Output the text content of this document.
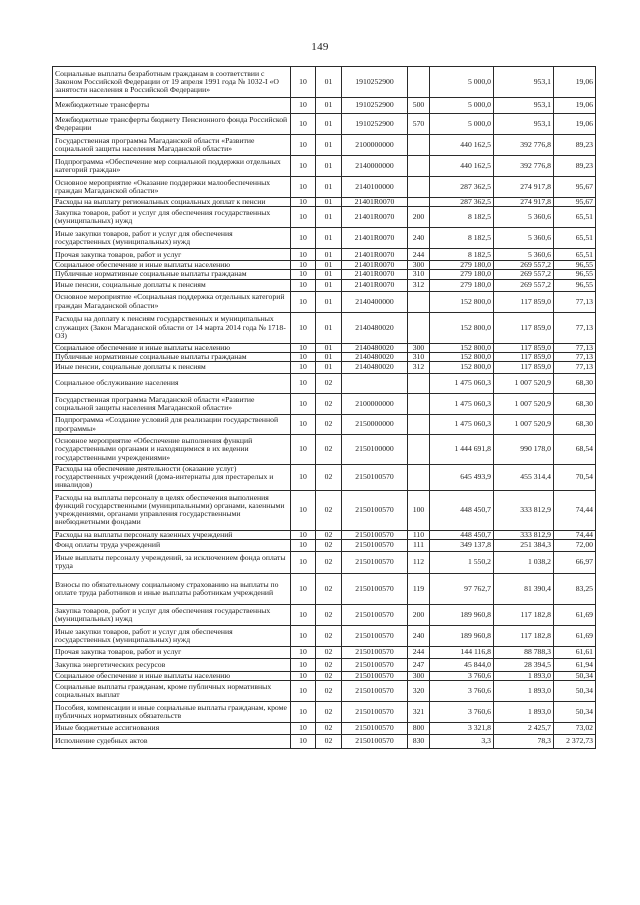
149
Социальные выплаты безработным гражданам в соответствии с Законом Российской Федерации от 19 апреля 1991 года № 1032-I «О занятости населения в Российской Федерации»	10	01	1910252900		5 000,0	953,1	19,06
Межбюджетные трансферты	10	01	1910252900	500	5 000,0	953,1	19,06
Межбюджетные трансферты бюджету Пенсионного фонда Российской Федерации	10	01	1910252900	570	5 000,0	953,1	19,06
Государственная программа Магаданской области «Развитие социальной защиты населения Магаданской области»	10	01	2100000000		440 162,5	392 776,8	89,23
Подпрограмма «Обеспечение мер социальной поддержки отдельных категорий граждан»	10	01	2140000000		440 162,5	392 776,8	89,23
Основное мероприятие «Оказание поддержки малообеспеченных граждан Магаданской области»	10	01	2140100000		287 362,5	274 917,8	95,67
Расходы на выплату региональных социальных доплат к пенсии	10	01	21401R0070		287 362,5	274 917,8	95,67
Закупка товаров, работ и услуг для обеспечения государственных (муниципальных) нужд	10	01	21401R0070	200	8 182,5	5 360,6	65,51
Иные закупки товаров, работ и услуг для обеспечения государственных (муниципальных) нужд	10	01	21401R0070	240	8 182,5	5 360,6	65,51
Прочая закупка товаров, работ и услуг	10	01	21401R0070	244	8 182,5	5 360,6	65,51
Социальное обеспечение и иные выплаты населению	10	01	21401R0070	300	279 180,0	269 557,2	96,55
Публичные нормативные социальные выплаты гражданам	10	01	21401R0070	310	279 180,0	269 557,2	96,55
Иные пенсии, социальные доплаты к пенсиям	10	01	21401R0070	312	279 180,0	269 557,2	96,55
Основное мероприятие «Социальная поддержка отдельных категорий граждан Магаданской области»	10	01	2140400000		152 800,0	117 859,0	77,13
Расходы на доплату к пенсиям государственных и муниципальных служащих (Закон Магаданской области от 14 марта 2014 года № 1718-ОЗ)	10	01	2140480020		152 800,0	117 859,0	77,13
Социальное обеспечение и иные выплаты населению	10	01	2140480020	300	152 800,0	117 859,0	77,13
Публичные нормативные социальные выплаты гражданам	10	01	2140480020	310	152 800,0	117 859,0	77,13
Иные пенсии, социальные доплаты к пенсиям	10	01	2140480020	312	152 800,0	117 859,0	77,13
Социальное обслуживание населения	10	02			1 475 060,3	1 007 520,9	68,30
Государственная программа Магаданской области «Развитие социальной защиты населения Магаданской области»	10	02	2100000000		1 475 060,3	1 007 520,9	68,30
Подпрограмма «Создание условий для реализации государственной программы»	10	02	2150000000		1 475 060,3	1 007 520,9	68,30
Основное мероприятие «Обеспечение выполнения функций государственными органами и находящимися в их ведении государственными учреждениями»	10	02	2150100000		1 444 691,8	990 178,0	68,54
Расходы на обеспечение деятельности (оказание услуг) государственных учреждений (дома-интернаты для престарелых и инвалидов)	10	02	2150100570		645 493,9	455 314,4	70,54
Расходы на выплаты персоналу в целях обеспечения выполнения функций государственными (муниципальными) органами, казенными учреждениями, органами управления государственными внебюджетными фондами	10	02	2150100570	100	448 450,7	333 812,9	74,44
Расходы на выплаты персоналу казенных учреждений	10	02	2150100570	110	448 450,7	333 812,9	74,44
Фонд оплаты труда учреждений	10	02	2150100570	111	349 137,8	251 384,3	72,00
Иные выплаты персоналу учреждений, за исключением фонда оплаты труда	10	02	2150100570	112	1 550,2	1 038,2	66,97
Взносы по обязательному социальному страхованию на выплаты по оплате труда работников и иные выплаты работникам учреждений	10	02	2150100570	119	97 762,7	81 390,4	83,25
Закупка товаров, работ и услуг для обеспечения государственных (муниципальных) нужд	10	02	2150100570	200	189 960,8	117 182,8	61,69
Иные закупки товаров, работ и услуг для обеспечения государственных (муниципальных) нужд	10	02	2150100570	240	189 960,8	117 182,8	61,69
Прочая закупка товаров, работ и услуг	10	02	2150100570	244	144 116,8	88 788,3	61,61
Закупка энергетических ресурсов	10	02	2150100570	247	45 844,0	28 394,5	61,94
Социальное обеспечение и иные выплаты населению	10	02	2150100570	300	3 760,6	1 893,0	50,34
Социальные выплаты гражданам, кроме публичных нормативных социальных выплат	10	02	2150100570	320	3 760,6	1 893,0	50,34
Пособия, компенсации и иные социальные выплаты гражданам, кроме публичных нормативных обязательств	10	02	2150100570	321	3 760,6	1 893,0	50,34
Иные бюджетные ассигнования	10	02	2150100570	800	3 321,8	2 425,7	73,02
Исполнение судебных актов	10	02	2150100570	830	3,3	78,3	2 372,73
